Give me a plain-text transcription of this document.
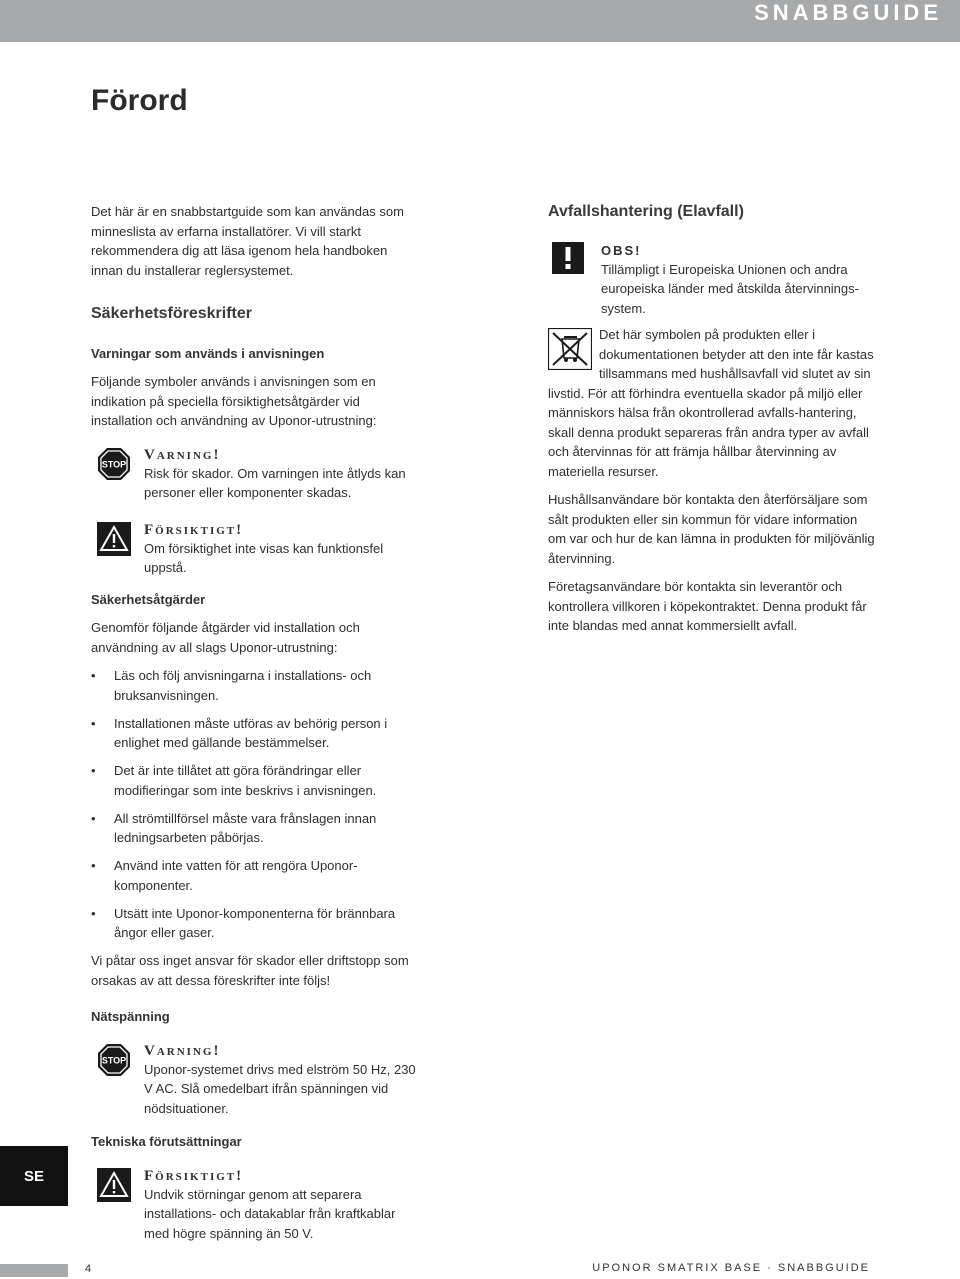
SNABBGUIDE
Förord

Det här är en snabbstartguide som kan användas som minneslista av erfarna installatörer. Vi vill starkt rekommendera dig att läsa igenom hela handboken innan du installerar reglersystemet.

Säkerhetsföreskrifter
Varningar som används i anvisningen

Följande symboler används i anvisningen som en indikation på speciella försiktighetsåtgärder vid installation och användning av Uponor-utrustning:

STOP
Varning!

Risk för skador. Om varningen inte åtlyds kan personer eller komponenter skadas.

Försiktigt!

Om försiktighet inte visas kan funktionsfel uppstå.

Säkerhetsåtgärder

Genomför följande åtgärder vid installation och användning av all slags Uponor-utrustning:

• Läs och följ anvisningarna i installations- och bruksanvisningen.
• Installationen måste utföras av behörig person i enlighet med gällande bestämmelser.
• Det är inte tillåtet att göra förändringar eller modifieringar som inte beskrivs i anvisningen.
• All strömtillförsel måste vara frånslagen innan ledningsarbeten påbörjas.
• Använd inte vatten för att rengöra Uponor-komponenter.
• Utsätt inte Uponor-komponenterna för brännbara ångor eller gaser.

Vi påtar oss inget ansvar för skador eller driftstopp som orsakas av att dessa föreskrifter inte följs!

Nätspänning
STOP
Varning!

Uponor-systemet drivs med elström 50 Hz, 230 V AC. Slå omedelbart ifrån spänningen vid nödsituationer.

Tekniska förutsättningar
Försiktigt!

Undvik störningar genom att separera installations- och datakablar från kraftkablar med högre spänning än 50 V.

Avfallshantering (Elavfall)
OBS!

Tillämpligt i Europeiska Unionen och andra europeiska länder med åtskilda återvinnings-system.

Det här symbolen på produkten eller i dokumentationen betyder att den inte får kastas tillsammans med hushållsavfall vid slutet av sin livstid. För att förhindra eventuella skador på miljö eller människors hälsa från okontrollerad avfalls-hantering, skall denna produkt separeras från andra typer av avfall och återvinnas för att främja hållbar återvinning av materiella resurser.

Hushållsanvändare bör kontakta den återförsäljare som sålt produkten eller sin kommun för vidare information om var och hur de kan lämna in produkten för miljövänlig återvinning.

Företagsanvändare bör kontakta sin leverantör och kontrollera villkoren i köpekontraktet. Denna produkt får inte blandas med annat kommersiellt avfall.

SE
4	UPONOR SMATRIX BASE · SNABBGUIDE
